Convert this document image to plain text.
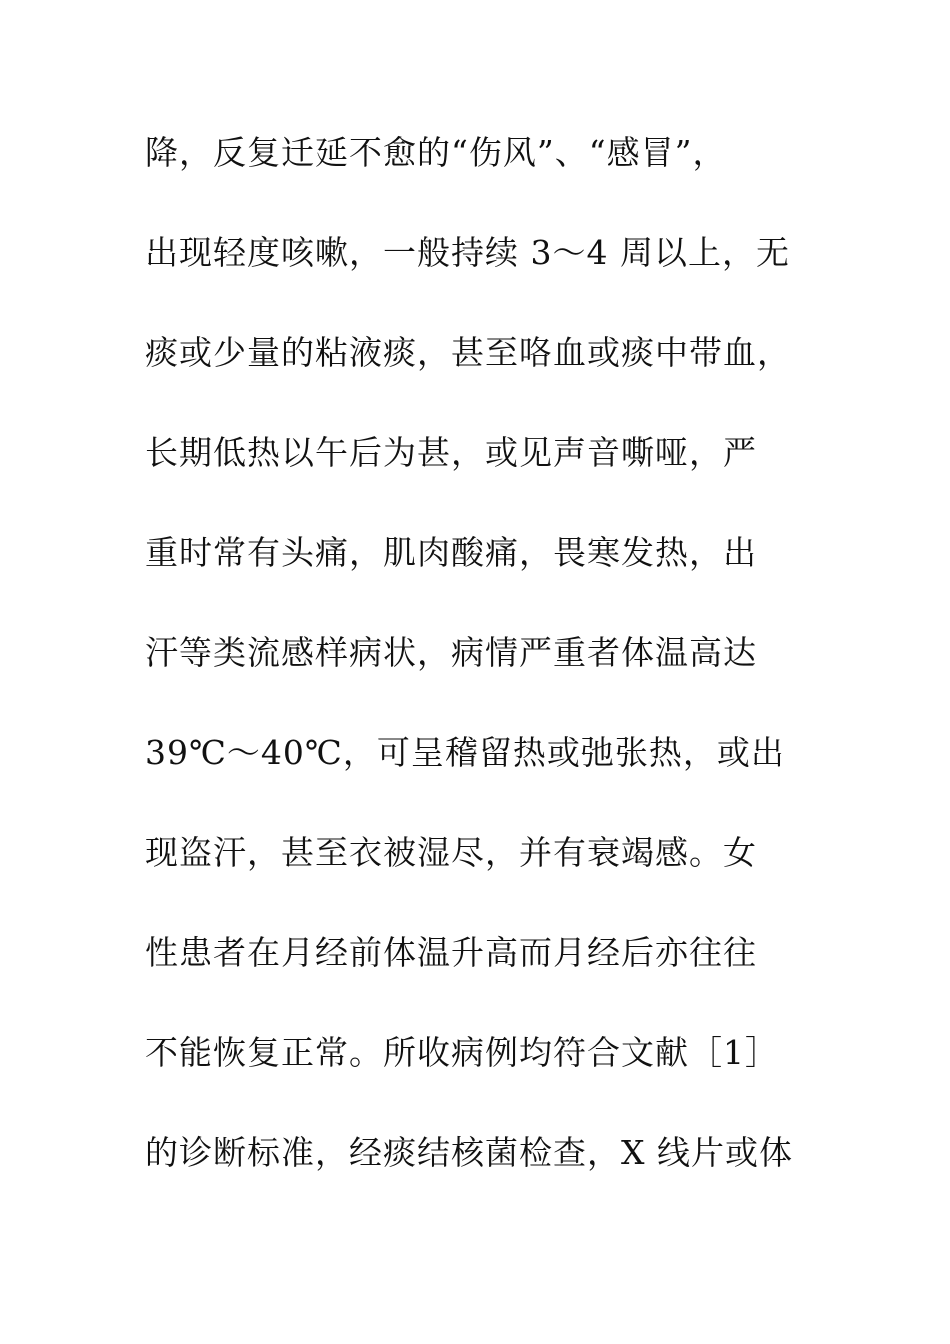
降，反复迁延不愈的“伤风”、“感冒”，
出现轻度咳嗽，一般持续 3～4 周以上，无
痰或少量的粘液痰，甚至咯血或痰中带血，
长期低热以午后为甚，或见声音嘶哑，严
重时常有头痛，肌肉酸痛，畏寒发热，出
汗等类流感样病状，病情严重者体温高达
39℃～40℃，可呈稽留热或弛张热，或出
现盗汗，甚至衣被湿尽，并有衰竭感。女
性患者在月经前体温升高而月经后亦往往
不能恢复正常。所收病例均符合文献［1］
的诊断标准，经痰结核菌检查，X 线片或体
